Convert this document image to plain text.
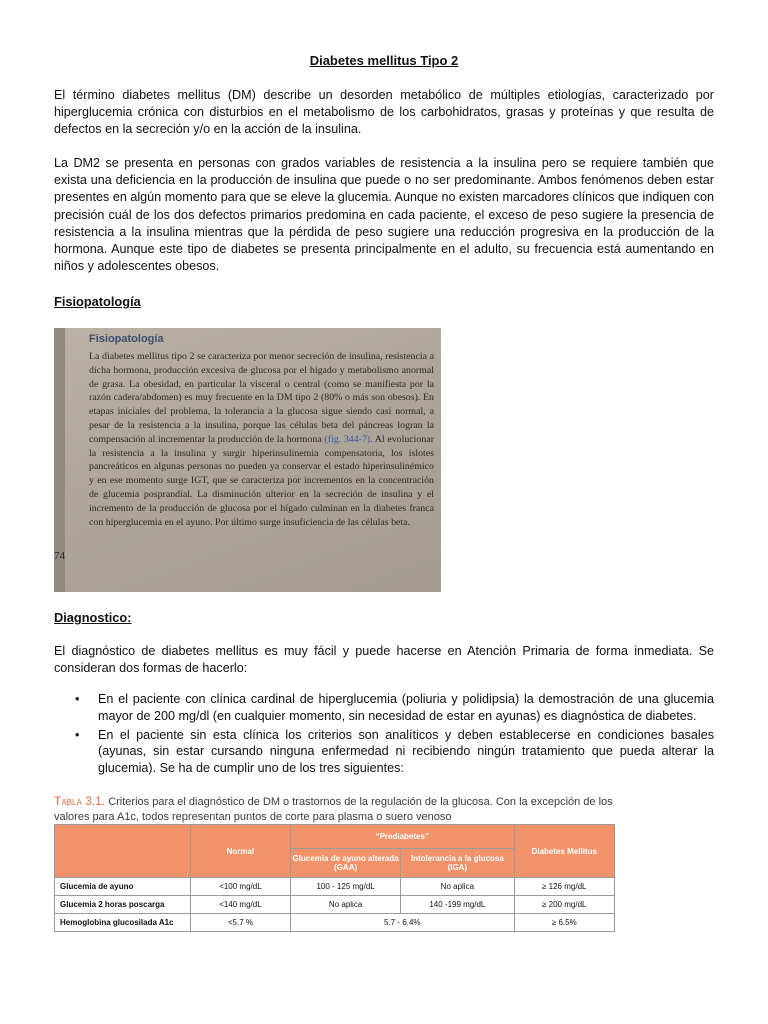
Diabetes mellitus Tipo 2
El término diabetes mellitus (DM) describe un desorden metabólico de múltiples etiologías, caracterizado por hiperglucemia crónica con disturbios en el metabolismo de los carbohidratos, grasas y proteínas y que resulta de defectos en la secreción y/o en la acción de la insulina.
La DM2 se presenta en personas con grados variables de resistencia a la insulina pero se requiere también que exista una deficiencia en la producción de insulina que puede o no ser predominante. Ambos fenómenos deben estar presentes en algún momento para que se eleve la glucemia. Aunque no existen marcadores clínicos que indiquen con precisión cuál de los dos defectos primarios predomina en cada paciente, el exceso de peso sugiere la presencia de resistencia a la insulina mientras que la pérdida de peso sugiere una reducción progresiva en la producción de la hormona. Aunque este tipo de diabetes se presenta principalmente en el adulto, su frecuencia está aumentando en niños y adolescentes obesos.
Fisiopatología
Fisiopatología
La diabetes mellitus tipo 2 se caracteriza por menor secreción de insulina, resistencia a dicha hormona, producción excesiva de glucosa por el hígado y metabolismo anormal de grasa. La obesidad, en particular la visceral o central (como se manifiesta por la razón cadera/abdomen) es muy frecuente en la DM tipo 2 (80% o más son obesos). En etapas iniciales del problema, la tolerancia a la glucosa sigue siendo casi normal, a pesar de la resistencia a la insulina, porque las células beta del páncreas logran la compensación al incrementar la producción de la hormona (fig. 344-7). Al evolucionar la resistencia a la insulina y surgir hiperinsulinemia compensatoria, los islotes pancreáticos en algunas personas no pueden ya conservar el estado hiperinsulinémico y en ese momento surge IGT, que se caracteriza por incrementos en la concentración de glucemia posprandial. La disminución ulterior en la secreción de insulina y el incremento de la producción de glucosa por el hígado culminan en la diabetes franca con hiperglucemia en el ayuno. Por último surge insuficiencia de las células beta.
74
Diagnostico:
El diagnóstico de diabetes mellitus es muy fácil y puede hacerse en Atención Primaria de forma inmediata. Se consideran dos formas de hacerlo:
• En el paciente con clínica cardinal de hiperglucemia (poliuria y polidipsia) la demostración de una glucemia mayor de 200 mg/dl (en cualquier momento, sin necesidad de estar en ayunas) es diagnóstica de diabetes.
• En el paciente sin esta clínica los criterios son analíticos y deben establecerse en condiciones basales (ayunas, sin estar cursando ninguna enfermedad ni recibiendo ningún tratamiento que pueda alterar la glucemia). Se ha de cumplir uno de los tres siguientes:
Tabla 3.1. Criterios para el diagnóstico de DM o trastornos de la regulación de la glucosa. Con la excepción de los valores para A1c, todos representan puntos de corte para plasma o suero venoso
	Normal	“Prediabetes”		Diabetes Mellitus
		Glucemia de ayuno alterada (GAA)	Intolerancia a la glucosa (IGA)	
Glucemia de ayuno	<100 mg/dL	100 - 125 mg/dL	No aplica	≥ 126 mg/dL
Glucemia 2 horas poscarga	<140 mg/dL	No aplica	140 -199 mg/dL	≥ 200 mg/dL
Hemoglobina glucosilada A1c	<5.7 %	5.7 - 6.4%		≥ 6.5%
